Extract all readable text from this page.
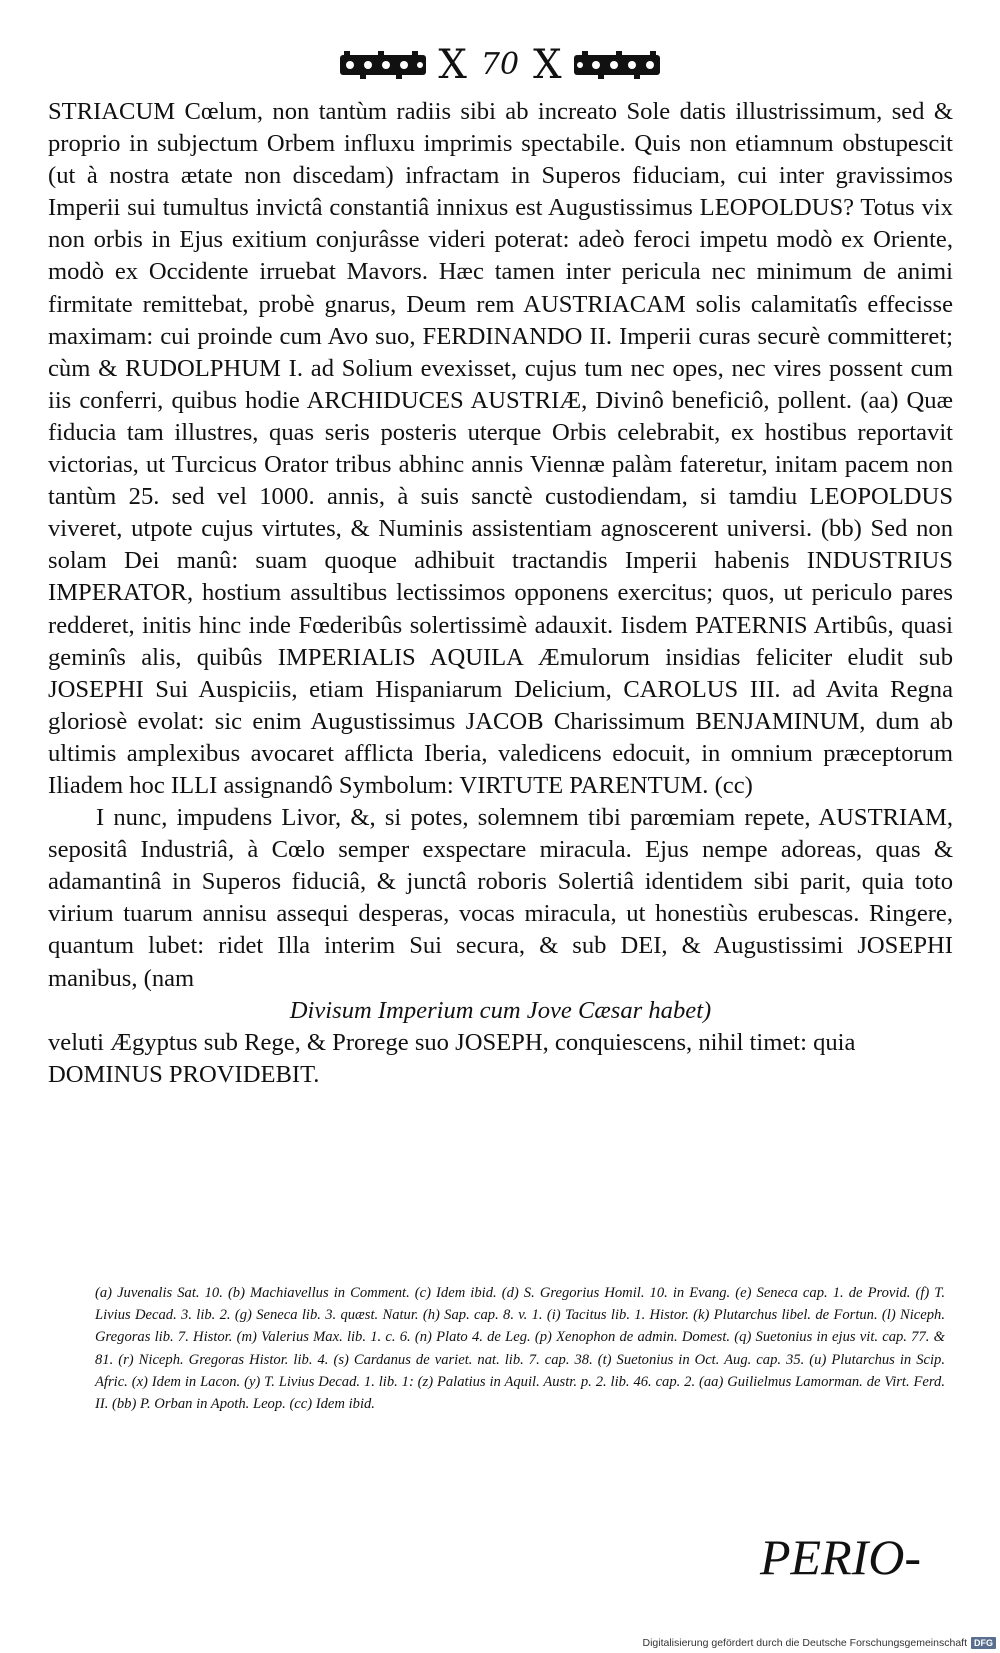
X 70 X

STRIACUM Cœlum, non tantùm radiis sibi ab increato Sole datis illustrissimum, sed & proprio in subjectum Orbem influxu imprimis spectabile. Quis non etiamnum obstupescit (ut à nostra ætate non discedam) infractam in Superos fiduciam, cui inter gravissimos Imperii sui tumultus invictâ constantiâ innixus est Augustissimus LEOPOLDUS? Totus vix non orbis in Ejus exitium conjurâsse videri poterat: adeò feroci impetu modò ex Oriente, modò ex Occidente irruebat Mavors. Hæc tamen inter pericula nec minimum de animi firmitate remittebat, probè gnarus, Deum rem AUSTRIACAM solis calamitatîs effecisse maximam: cui proinde cum Avo suo, FERDINANDO II. Imperii curas securè committeret; cùm & RUDOLPHUM I. ad Solium evexisset, cujus tum nec opes, nec vires possent cum iis conferri, quibus hodie ARCHIDUCES AUSTRIÆ, Divinô beneficiô, pollent. (aa) Quæ fiducia tam illustres, quas seris posteris uterque Orbis celebrabit, ex hostibus reportavit victorias, ut Turcicus Orator tribus abhinc annis Viennæ palàm fateretur, initam pacem non tantùm 25. sed vel 1000. annis, à suis sanctè custodiendam, si tamdiu LEOPOLDUS viveret, utpote cujus virtutes, & Numinis assistentiam agnoscerent universi. (bb) Sed non solam Dei manû: suam quoque adhibuit tractandis Imperii habenis INDUSTRIUS IMPERATOR, hostium assultibus lectissimos opponens exercitus; quos, ut periculo pares redderet, initis hinc inde Fœderibûs solertissimè adauxit. Iisdem PATERNIS Artibûs, quasi geminîs alis, quibûs IMPERIALIS AQUILA Æmulorum insidias feliciter eludit sub JOSEPHI Sui Auspiciis, etiam Hispaniarum Delicium, CAROLUS III. ad Avita Regna gloriosè evolat: sic enim Augustissimus JACOB Charissimum BENJAMINUM, dum ab ultimis amplexibus avocaret afflicta Iberia, valedicens edocuit, in omnium præceptorum Iliadem hoc ILLI assignandô Symbolum: VIRTUTE PARENTUM. (cc)

I nunc, impudens Livor, &, si potes, solemnem tibi parœmiam repete, AUSTRIAM, sepositâ Industriâ, à Cœlo semper exspectare miracula. Ejus nempe adoreas, quas & adamantinâ in Superos fiduciâ, & junctâ roboris Solertiâ identidem sibi parit, quia toto virium tuarum annisu assequi desperas, vocas miracula, ut honestiùs erubescas. Ringere, quantum lubet: ridet Illa interim Sui secura, & sub DEI, & Augustissimi JOSEPHI manibus, (nam

Divisum Imperium cum Jove Cæsar habet)

veluti Ægyptus sub Rege, & Prorege suo JOSEPH, conquiescens, nihil timet: quia DOMINUS PROVIDEBIT.

(a) Juvenalis Sat. 10. (b) Machiavellus in Comment. (c) Idem ibid. (d) S. Gregorius Homil. 10. in Evang. (e) Seneca cap. 1. de Provid. (f) T. Livius Decad. 3. lib. 2. (g) Seneca lib. 3. quæst. Natur. (h) Sap. cap. 8. v. 1. (i) Tacitus lib. 1. Histor. (k) Plutarchus libel. de Fortun. (l) Niceph. Gregoras lib. 7. Histor. (m) Valerius Max. lib. 1. c. 6. (n) Plato 4. de Leg. (p) Xenophon de admin. Domest. (q) Suetonius in ejus vit. cap. 77. & 81. (r) Niceph. Gregoras Histor. lib. 4. (s) Cardanus de variet. nat. lib. 7. cap. 38. (t) Suetonius in Oct. Aug. cap. 35. (u) Plutarchus in Scip. Afric. (x) Idem in Lacon. (y) T. Livius Decad. 1. lib. 1: (z) Palatius in Aquil. Austr. p. 2. lib. 46. cap. 2. (aa) Guilielmus Lamorman. de Virt. Ferd. II. (bb) P. Orban in Apoth. Leop. (cc) Idem ibid.
PERIO-
Digitalisierung gefördert durch die Deutsche Forschungsgemeinschaft DFG
